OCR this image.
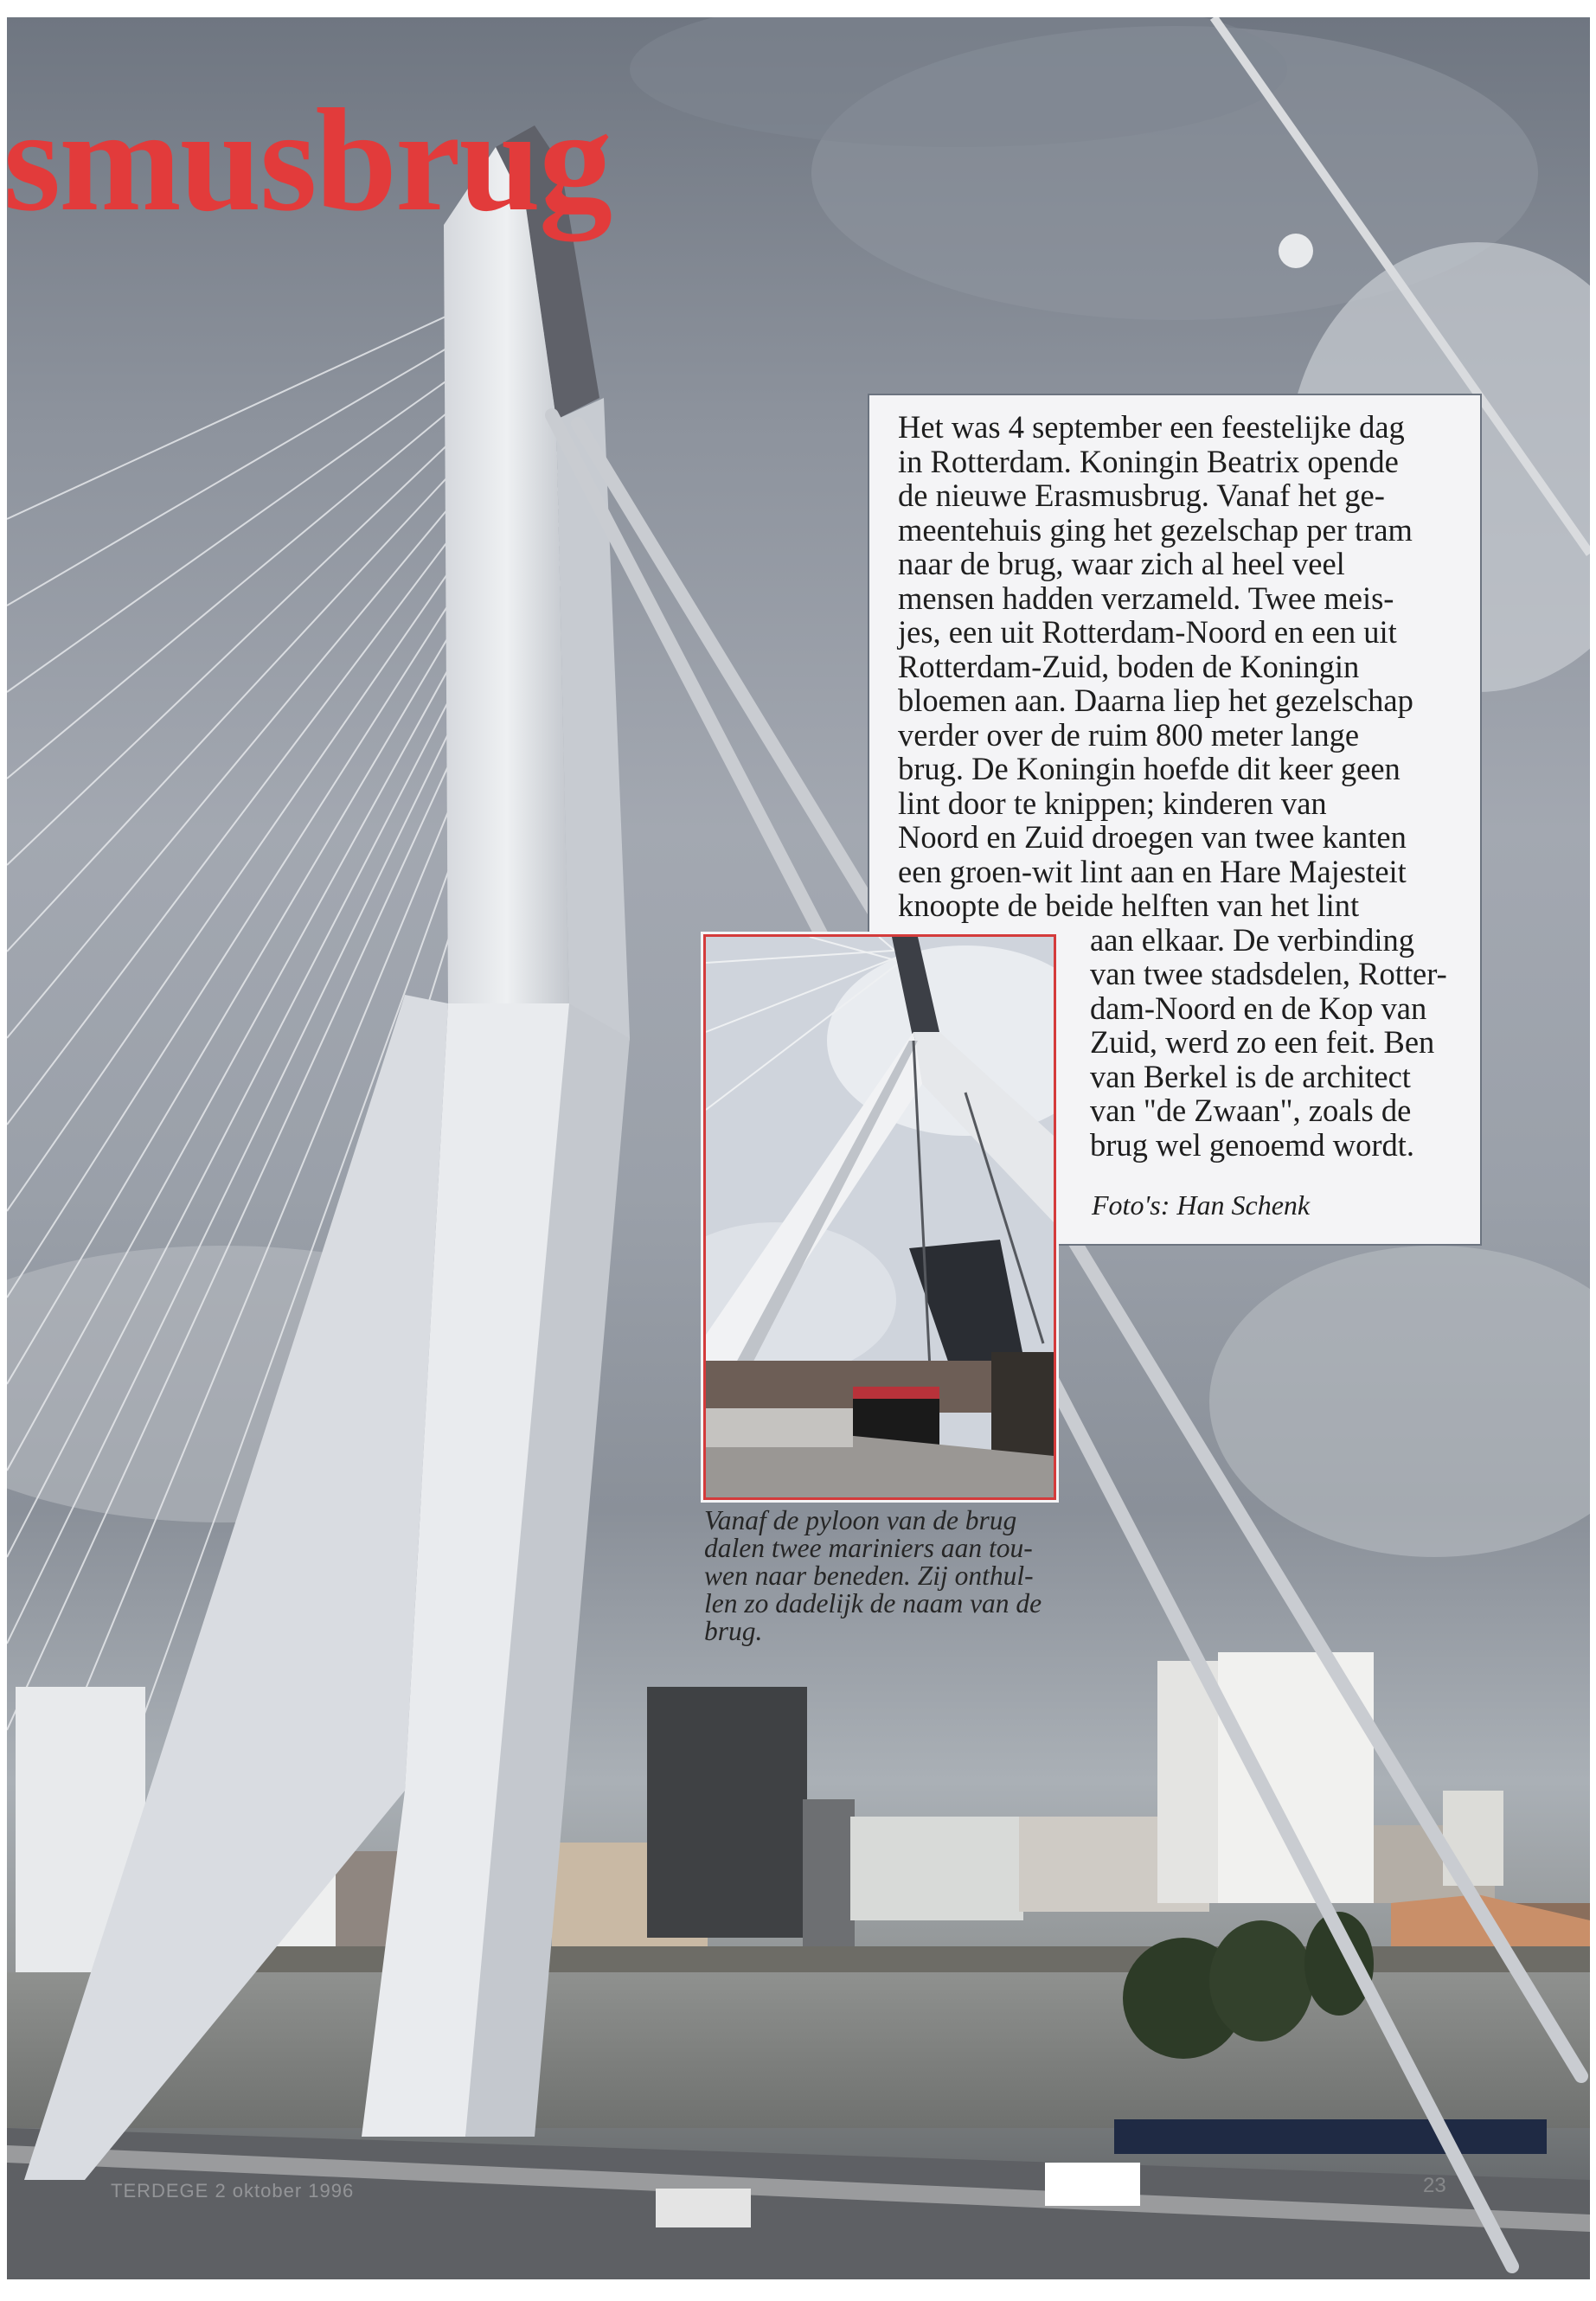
smusbrug

Het was 4 september een feestelijke dag
in Rotterdam. Koningin Beatrix opende
de nieuwe Erasmusbrug. Vanaf het ge-
meentehuis ging het gezelschap per tram
naar de brug, waar zich al heel veel
mensen hadden verzameld. Twee meis-
jes, een uit Rotterdam-Noord en een uit
Rotterdam-Zuid, boden de Koningin
bloemen aan. Daarna liep het gezelschap
verder over de ruim 800 meter lange
brug. De Koningin hoefde dit keer geen
lint door te knippen; kinderen van
Noord en Zuid droegen van twee kanten
een groen-wit lint aan en Hare Majesteit
knoopte de beide helften van het lint
aan elkaar. De verbinding
van twee stadsdelen, Rotter-
dam-Noord en de Kop van
Zuid, werd zo een feit. Ben
van Berkel is de architect
van "de Zwaan", zoals de
brug wel genoemd wordt.

Foto's: Han Schenk

Vanaf de pyloon van de brug
dalen twee mariniers aan tou-
wen naar beneden. Zij onthul-
len zo dadelijk de naam van de
brug.

TERDEGE 2 oktober 1996	23
